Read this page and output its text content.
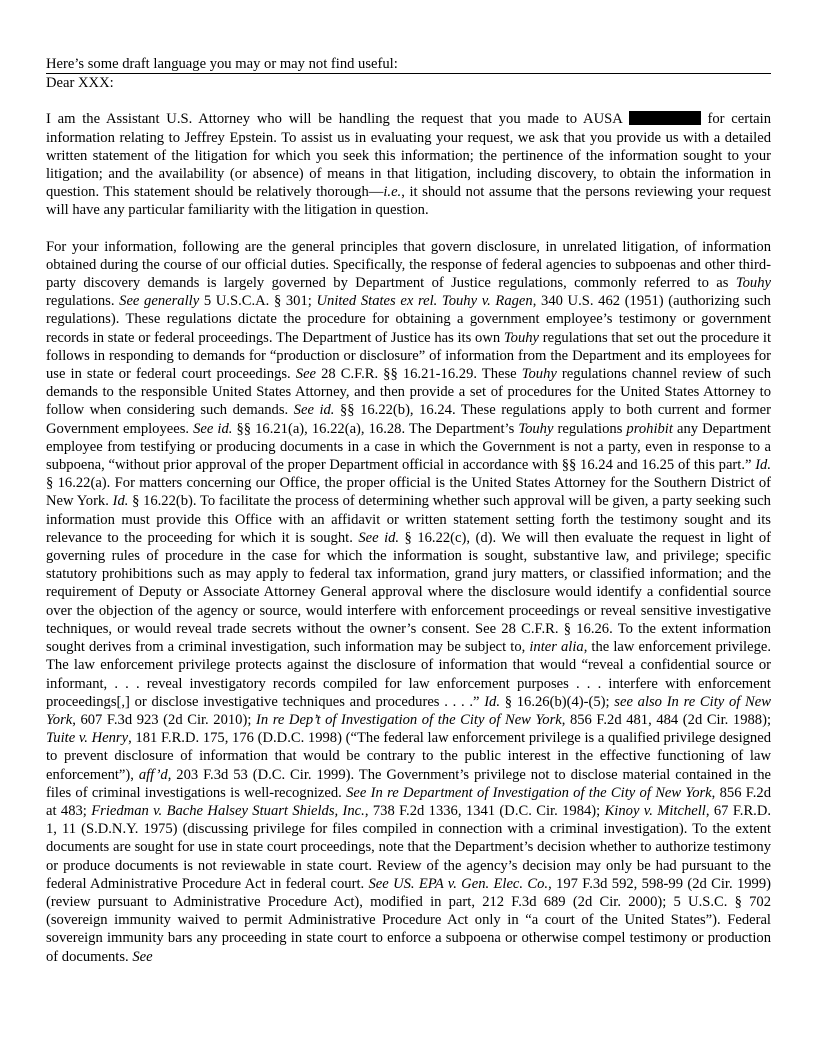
Here’s some draft language you may or may not find useful:
Dear XXX:

I am the Assistant U.S. Attorney who will be handling the request that you made to AUSA	for certain information relating to Jeffrey Epstein. To assist us in evaluating your request, we ask that you provide us with a detailed written statement of the litigation for which you seek this information; the pertinence of the information sought to your litigation; and the availability (or absence) of means in that litigation, including discovery, to obtain the information in question. This statement should be relatively thorough—i.e., it should not assume that the persons reviewing your request will have any particular familiarity with the litigation in question.

For your information, following are the general principles that govern disclosure, in unrelated litigation, of information obtained during the course of our official duties. Specifically, the response of federal agencies to subpoenas and other third-party discovery demands is largely governed by Department of Justice regulations, commonly referred to as Touhy regulations. See generally 5 U.S.C.A. § 301; United States ex rel. Touhy v. Ragen, 340 U.S. 462 (1951) (authorizing such regulations). These regulations dictate the procedure for obtaining a government employee’s testimony or government records in state or federal proceedings. The Department of Justice has its own Touhy regulations that set out the procedure it follows in responding to demands for “production or disclosure” of information from the Department and its employees for use in state or federal court proceedings. See 28 C.F.R. §§ 16.21-16.29. These Touhy regulations channel review of such demands to the responsible United States Attorney, and then provide a set of procedures for the United States Attorney to follow when considering such demands. See id. §§ 16.22(b), 16.24. These regulations apply to both current and former Government employees. See id. §§ 16.21(a), 16.22(a), 16.28. The Department’s Touhy regulations prohibit any Department employee from testifying or producing documents in a case in which the Government is not a party, even in response to a subpoena, “without prior approval of the proper Department official in accordance with §§ 16.24 and 16.25 of this part.” Id. § 16.22(a). For matters concerning our Office, the proper official is the United States Attorney for the Southern District of New York. Id. § 16.22(b). To facilitate the process of determining whether such approval will be given, a party seeking such information must provide this Office with an affidavit or written statement setting forth the testimony sought and its relevance to the proceeding for which it is sought. See id. § 16.22(c), (d). We will then evaluate the request in light of governing rules of procedure in the case for which the information is sought, substantive law, and privilege; specific statutory prohibitions such as may apply to federal tax information, grand jury matters, or classified information; and the requirement of Deputy or Associate Attorney General approval where the disclosure would identify a confidential source over the objection of the agency or source, would interfere with enforcement proceedings or reveal sensitive investigative techniques, or would reveal trade secrets without the owner’s consent. See 28 C.F.R. § 16.26. To the extent information sought derives from a criminal investigation, such information may be subject to, inter alia, the law enforcement privilege. The law enforcement privilege protects against the disclosure of information that would “reveal a confidential source or informant, . . . reveal investigatory records compiled for law enforcement purposes . . . interfere with enforcement proceedings[,] or disclose investigative techniques and procedures . . . .” Id. § 16.26(b)(4)-(5); see also In re City of New York, 607 F.3d 923 (2d Cir. 2010); In re Dep’t of Investigation of the City of New York, 856 F.2d 481, 484 (2d Cir. 1988); Tuite v. Henry, 181 F.R.D. 175, 176 (D.D.C. 1998) (“The federal law enforcement privilege is a qualified privilege designed to prevent disclosure of information that would be contrary to the public interest in the effective functioning of law enforcement”), aff’d, 203 F.3d 53 (D.C. Cir. 1999). The Government’s privilege not to disclose material contained in the files of criminal investigations is well-recognized. See In re Department of Investigation of the City of New York, 856 F.2d at 483; Friedman v. Bache Halsey Stuart Shields, Inc., 738 F.2d 1336, 1341 (D.C. Cir. 1984); Kinoy v. Mitchell, 67 F.R.D. 1, 11 (S.D.N.Y. 1975) (discussing privilege for files compiled in connection with a criminal investigation). To the extent documents are sought for use in state court proceedings, note that the Department’s decision whether to authorize testimony or produce documents is not reviewable in state court. Review of the agency’s decision may only be had pursuant to the federal Administrative Procedure Act in federal court. See US. EPA v. Gen. Elec. Co., 197 F.3d 592, 598-99 (2d Cir. 1999) (review pursuant to Administrative Procedure Act), modified in part, 212 F.3d 689 (2d Cir. 2000); 5 U.S.C. § 702 (sovereign immunity waived to permit Administrative Procedure Act only in “a court of the United States”). Federal sovereign immunity bars any proceeding in state court to enforce a subpoena or otherwise compel testimony or production of documents. See
